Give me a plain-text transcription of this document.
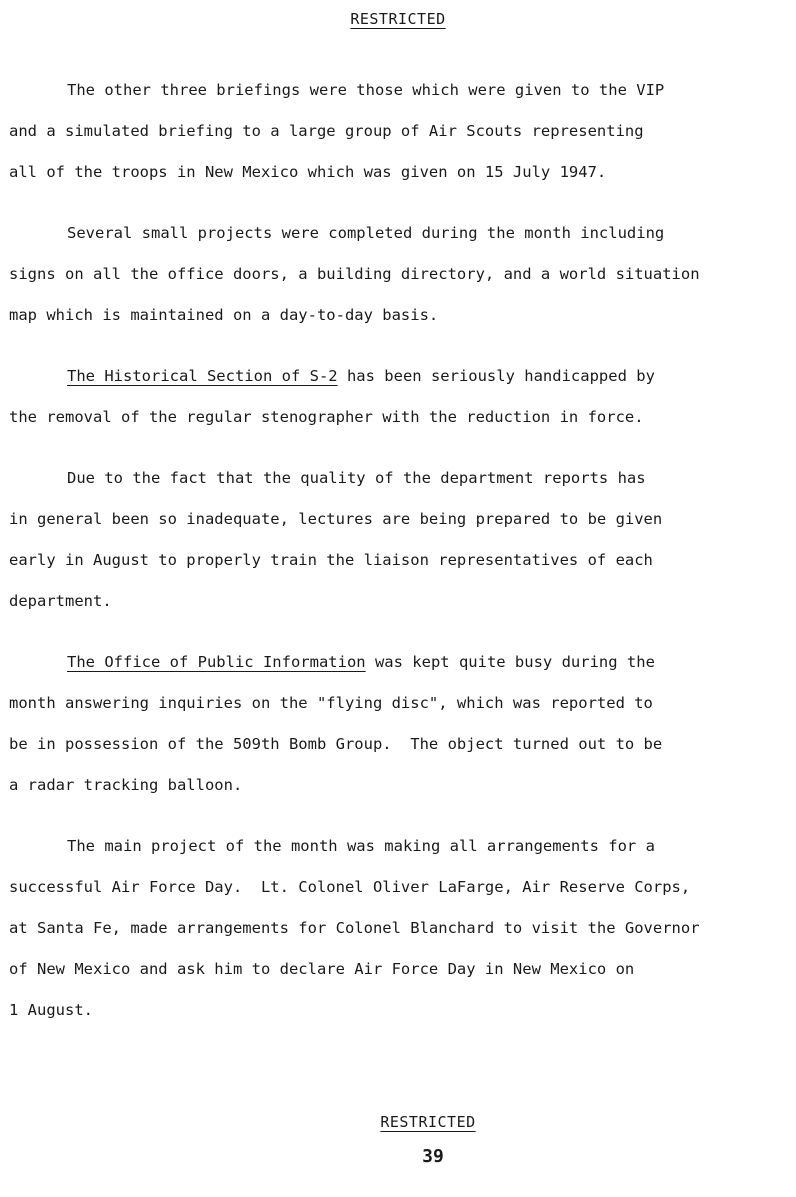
RESTRICTED
The other three briefings were those which were given to the VIP
and a simulated briefing to a large group of Air Scouts representing
all of the troops in New Mexico which was given on 15 July 1947.
Several small projects were completed during the month including
signs on all the office doors, a building directory, and a world situation
map which is maintained on a day-to-day basis.
The Historical Section of S-2 has been seriously handicapped by
the removal of the regular stenographer with the reduction in force.
Due to the fact that the quality of the department reports has
in general been so inadequate, lectures are being prepared to be given
early in August to properly train the liaison representatives of each
department.
The Office of Public Information was kept quite busy during the
month answering inquiries on the "flying disc", which was reported to
be in possession of the 509th Bomb Group.  The object turned out to be
a radar tracking balloon.
The main project of the month was making all arrangements for a
successful Air Force Day.  Lt. Colonel Oliver LaFarge, Air Reserve Corps,
at Santa Fe, made arrangements for Colonel Blanchard to visit the Governor
of New Mexico and ask him to declare Air Force Day in New Mexico on
1 August.
RESTRICTED
39
